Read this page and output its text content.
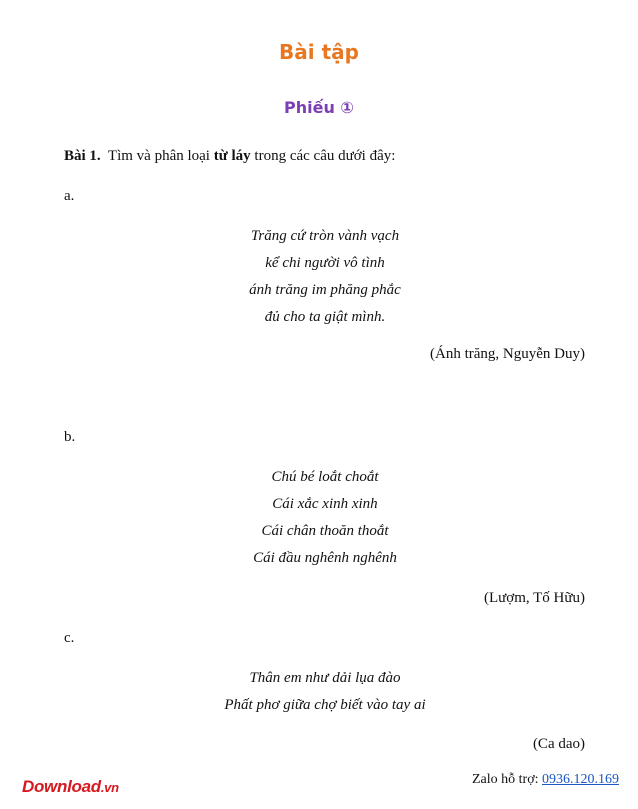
Bài tập
Phiếu ①
Bài 1. Tìm và phân loại từ láy trong các câu dưới đây:
a.
Trăng cứ tròn vành vạch
kể chi người vô tình
ánh trăng im phăng phắc
đủ cho ta giật mình.
(Ánh trăng, Nguyễn Duy)
b.
Chú bé loắt choắt
Cái xắc xinh xinh
Cái chân thoăn thoắt
Cái đầu nghênh nghênh
(Lượm, Tố Hữu)
c.
Thân em như dải lụa đào
Phất phơ giữa chợ biết vào tay ai
(Ca dao)
Download.vn
Zalo hỗ trợ: 0936.120.169
